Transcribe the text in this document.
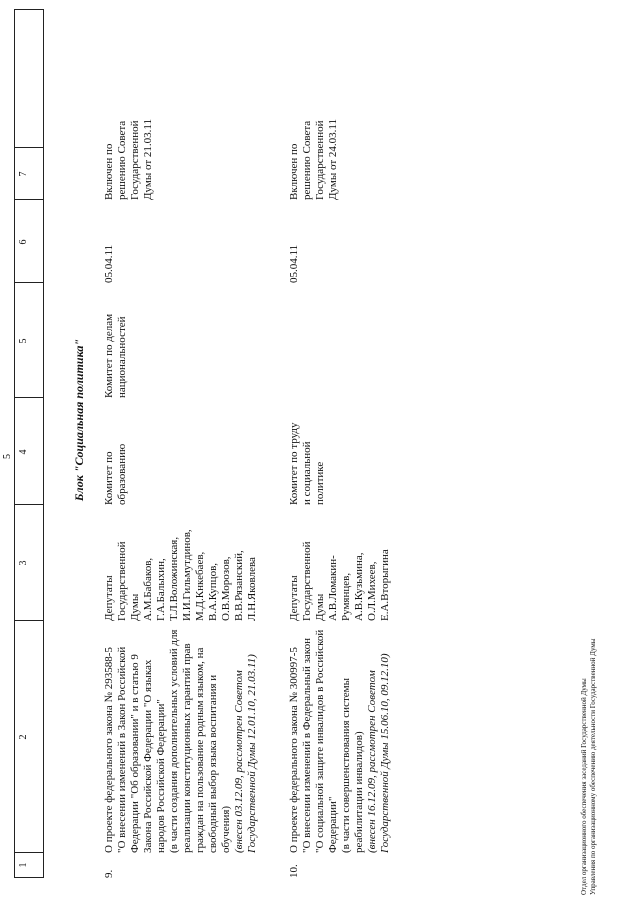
5
1
2
3
4
5
6
7
Блок "Социальная политика"
9.
О проекте федерального закона № 293588-5 "О внесении изменений в Закон Российской
Федерации "Об образовании" и в статью 9
Закона Российской Федерации "О языках
народов Российской Федерации"
(в части создания дополнительных условий для
реализации конституционных гарантий прав
граждан на пользование родным языком, на
свободный выбор языка воспитания и
обучения) (внесен 03.12.09, рассмотрен Советом
Государственной Думы 12.01.10, 21.03.11)
Депутаты
Государственной
Думы
А.М.Бабаков,
Г.А.Балыхин,
Т.Л.Воложинская,
И.И.Гильмутдинов,
М.Д.Кнкебаев,
В.А.Купцов,
О.В.Морозов,
В.В.Рязанский,
Л.Н.Яковлева
Комитет по
образованию
Комитет по делам
национальностей
05.04.11
Включен по
решению Совета
Государственной
Думы от 21.03.11
10.
О проекте федерального закона № 300997-5 "О внесении изменений в Федеральный закон
"О социальной защите инвалидов в Российской
Федерации"
(в части совершенствования системы
реабилитации инвалидов)
(внесен 16.12.09, рассмотрен Советом
Государственной Думы 15.06.10, 09.12.10)
Депутаты
Государственной
Думы
А.В.Ломакин-
Румянцев,
А.В.Кузьмина,
О.Л.Михеев,
Е.А.Вторыгина
Комитет по труду
и социальной
политике
05.04.11
Включен по
решению Совета
Государственной
Думы от 24.03.11
Отдел организационного обеспечения заседаний Государственной Думы Управления по организационному обеспечению деятельности Государственной Думы
